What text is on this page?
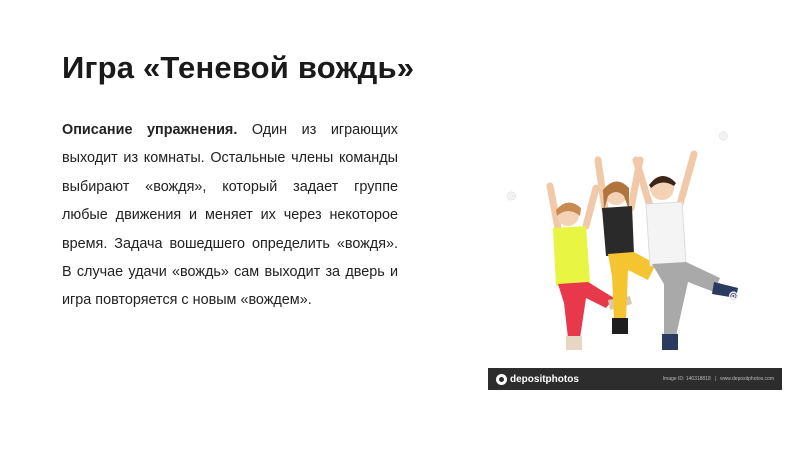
Игра «Теневой вождь»

Описание упражнения. Один из играющих выходит из комнаты. Остальные члены команды выбирают «вождя», который задает группе любые движения и меняет их через некоторое время. Задача вошедшего определить «вождя». В случае удачи «вождь» сам выходит за дверь и игра повторяется с новым «вождем».

⊚
⊚
⊚
depositphotos	Image ID: 146318818 | www.depositphotos.com
